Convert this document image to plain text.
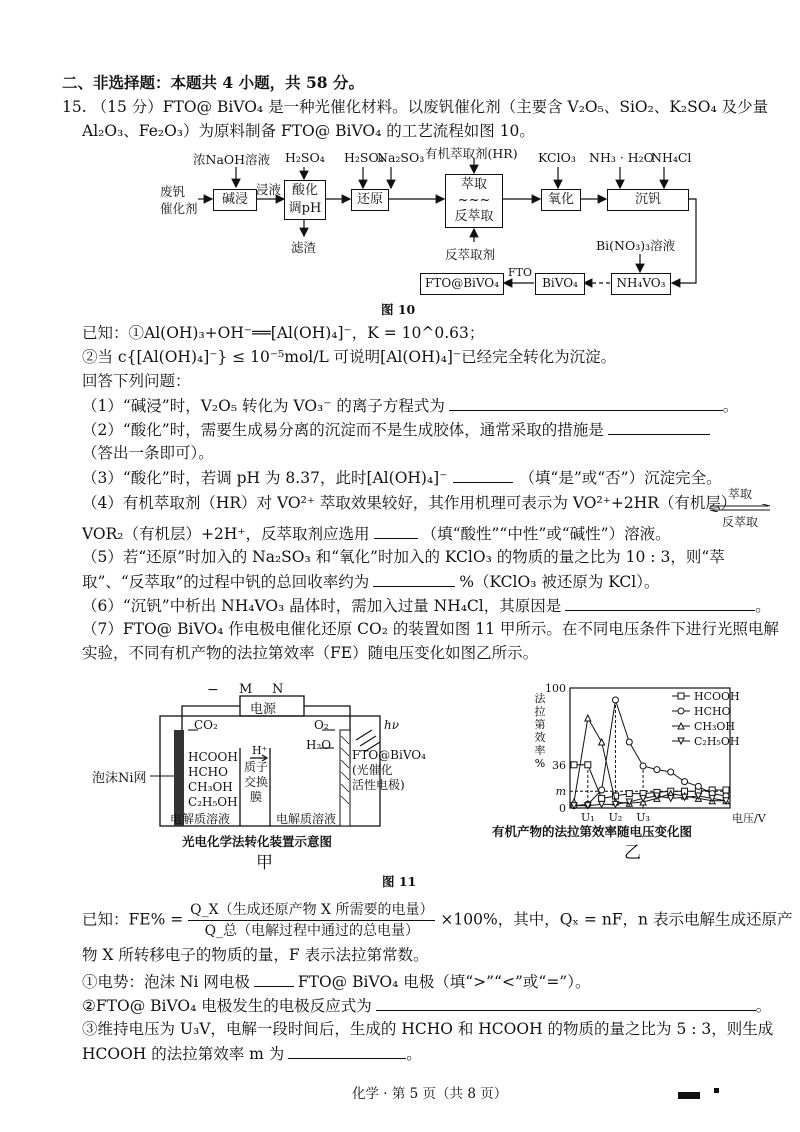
二、非选择题：本题共 4 小题，共 58 分。
15. （15 分）FTO@ BiVO₄ 是一种光催化材料。以废钒催化剂（主要含 V₂O₅、SiO₂、K₂SO₄ 及少量
Al₂O₃、Fe₂O₃）为原料制备 FTO@ BiVO₄ 的工艺流程如图 10。
浓NaOH溶液 H₂SO₄ H₂SO₄
Na₂SO₃ 有机萃取剂(HR) KClO₃ NH₃ · H₂O
NH₄Cl
废钒
催化剂
碱浸
浸液 酸化
调pH
滤渣
还原
萃取
~~~
反萃取
反萃取剂
氧化	沉钒
Bi(NO₃)₃溶液
NH₄VO₃
BiVO₄
FTO
FTO@BiVO₄
图 10
已知：①Al(OH)₃+OH⁻══[Al(OH)₄]⁻，K = 10^0.63；
②当 c{[Al(OH)₄]⁻} ≤ 10⁻⁵mol/L 可说明[Al(OH)₄]⁻已经完全转化为沉淀。
回答下列问题：
（1）“碱浸”时，V₂O₅ 转化为 VO₃⁻ 的离子方程式为	。
（2）“酸化”时，需要生成易分离的沉淀而不是生成胶体，通常采取的措施是
（答出一条即可）。
（3）“酸化”时，若调 pH 为 8.37，此时[Al(OH)₄]⁻	（填“是”或“否”）沉淀完全。
（4）有机萃取剂（HR）对 VO²⁺ 萃取效果较好，其作用机理可表示为 VO²⁺+2HR（有机层）
萃取
反萃取
VOR₂（有机层）+2H⁺，反萃取剂应选用	（填“酸性”“中性”或“碱性”）溶液。
（5）若“还原”时加入的 Na₂SO₃ 和“氧化”时加入的 KClO₃ 的物质的量之比为 10 : 3，则“萃
取”、“反萃取”的过程中钒的总回收率约为	%（KClO₃ 被还原为 KCl）。
（6）“沉钒”中析出 NH₄VO₃ 晶体时，需加入过量 NH₄Cl，其原因是	。
（7）FTO@ BiVO₄ 作电极电催化还原 CO₂ 的装置如图 11 甲所示。在不同电压条件下进行光照电解
实验，不同有机产物的法拉第效率（FE）随电压变化如图乙所示。
− M N
电源
CO₂	O₂	hν
H₂O
H⁺
HCOOH
HCHO
CH₃OH
C₂H₅OH
泡沫Ni网
质子
交换
膜
FTO@BiVO₄
(光催化
活性电极)
电解质溶液	电解质溶液
光电化学法转化装置示意图
甲
100
36
m
0
法
拉
第
效
率
%
电压/V
U₁ U₂ U₃
HCOOH
HCHO
CH₃OH
C₂H₅OH
有机产物的法拉第效率随电压变化图
乙
图 11
已知：$FE\% = \frac{\text{Q\_X（生成还原产物 X 所需要的电量）}}{\text{Q\_总（电解过程中通过的总电量）}} \times 100\%$，其中，Qₓ = nF，n 表示电解生成还原产
物 X 所转移电子的物质的量，F 表示法拉第常数。
①电势：泡沫 Ni 网电极	FTO@ BiVO₄ 电极（填“>”“<”或“=”）。
②FTO@ BiVO₄ 电极发生的电极反应式为	。
③维持电压为 U₃V，电解一段时间后，生成的 HCHO 和 HCOOH 的物质的量之比为 5 : 3，则生成
HCOOH 的法拉第效率 m 为	。
化学 · 第 5 页（共 8 页）
